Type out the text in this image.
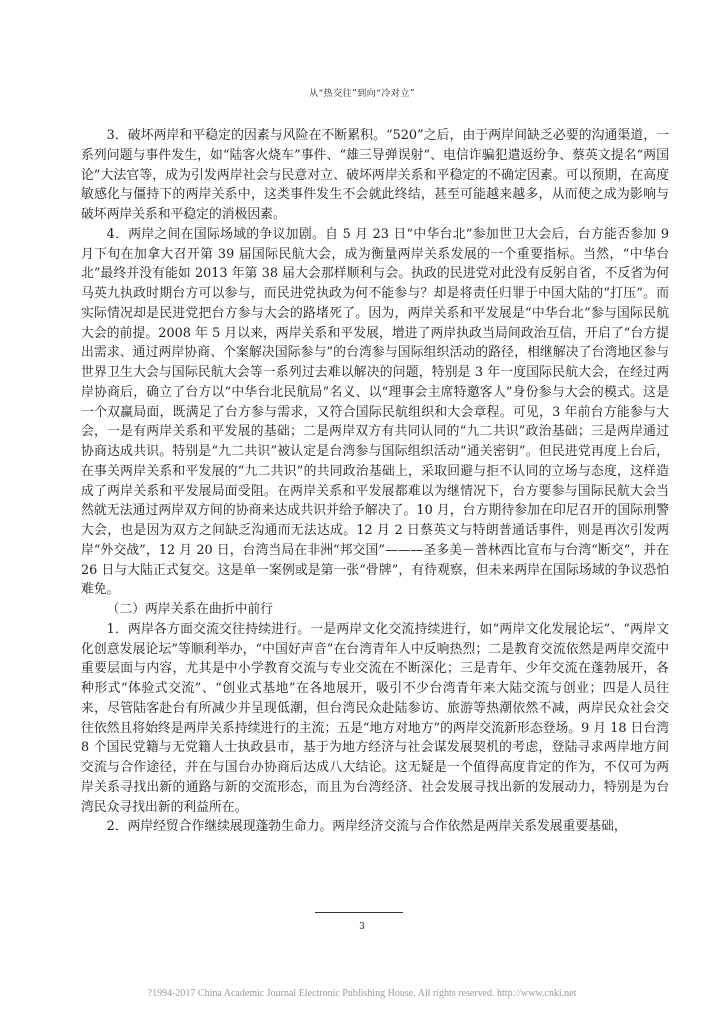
从“热交往”到向“冷对立”

3．破坏两岸和平稳定的因素与风险在不断累积。“520”之后，由于两岸间缺乏必要的沟通渠道，一系列问题与事件发生，如“陆客火烧车”事件、“雄三导弹误射”、电信诈骗犯遣返纷争、蔡英文提名“两国论”大法官等，成为引发两岸社会与民意对立、破坏两岸关系和平稳定的不确定因素。可以预期，在高度敏感化与僵持下的两岸关系中，这类事件发生不会就此终结，甚至可能越来越多，从而使之成为影响与破坏两岸关系和平稳定的消极因素。

4．两岸之间在国际场域的争议加剧。自 5 月 23 日“中华台北”参加世卫大会后，台方能否参加 9 月下旬在加拿大召开第 39 届国际民航大会，成为衡量两岸关系发展的一个重要指标。当然，“中华台北”最终并没有能如 2013 年第 38 届大会那样顺利与会。执政的民进党对此没有反躬自省，不反省为何马英九执政时期台方可以参与，而民进党执政为何不能参与？却是将责任归罪于中国大陆的“打压”。而实际情况却是民进党把台方参与大会的路堵死了。因为，两岸关系和平发展是“中华台北”参与国际民航大会的前提。2008 年 5 月以来，两岸关系和平发展，增进了两岸执政当局间政治互信，开启了“台方提出需求、通过两岸协商、个案解决国际参与”的台湾参与国际组织活动的路径，相继解决了台湾地区参与世界卫生大会与国际民航大会等一系列过去难以解决的问题，特别是 3 年一度国际民航大会，在经过两岸协商后，确立了台方以“中华台北民航局”名义、以“理事会主席特邀客人”身份参与大会的模式。这是一个双赢局面，既满足了台方参与需求，又符合国际民航组织和大会章程。可见，3 年前台方能参与大会，一是有两岸关系和平发展的基础；二是两岸双方有共同认同的“九二共识”政治基础；三是两岸通过协商达成共识。特别是“九二共识”被认定是台湾参与国际组织活动“通关密钥”。但民进党再度上台后，在事关两岸关系和平发展的“九二共识”的共同政治基础上，采取回避与拒不认同的立场与态度，这样造成了两岸关系和平发展局面受阻。在两岸关系和平发展都难以为继情况下，台方要参与国际民航大会当然就无法通过两岸双方间的协商来达成共识并给予解决了。10 月，台方期待参加在印尼召开的国际刑警大会，也是因为双方之间缺乏沟通而无法达成。12 月 2 日蔡英文与特朗普通话事件，则是再次引发两岸“外交战”，12 月 20 日，台湾当局在非洲“邦交国”———圣多美－普林西比宣布与台湾“断交”，并在 26 日与大陆正式复交。这是单一案例或是第一张“骨牌”，有待观察，但未来两岸在国际场域的争议恐怕难免。

（二）两岸关系在曲折中前行

1．两岸各方面交流交往持续进行。一是两岸文化交流持续进行，如“两岸文化发展论坛”、“两岸文化创意发展论坛”等顺利举办，“中国好声音”在台湾青年人中反响热烈；二是教育交流依然是两岸交流中重要层面与内容，尤其是中小学教育交流与专业交流在不断深化；三是青年、少年交流在蓬勃展开，各种形式“体验式交流”、“创业式基地”在各地展开，吸引不少台湾青年来大陆交流与创业；四是人员往来，尽管陆客赴台有所减少并呈现低潮，但台湾民众赴陆参访、旅游等热潮依然不减，两岸民众社会交往依然且将始终是两岸关系持续进行的主流；五是“地方对地方”的两岸交流新形态登场。9 月 18 日台湾 8 个国民党籍与无党籍人士执政县市，基于为地方经济与社会谋发展契机的考虑，登陆寻求两岸地方间交流与合作途径，并在与国台办协商后达成八大结论。这无疑是一个值得高度肯定的作为，不仅可为两岸关系寻找出新的通路与新的交流形态，而且为台湾经济、社会发展寻找出新的发展动力，特别是为台湾民众寻找出新的利益所在。

2．两岸经贸合作继续展现蓬勃生命力。两岸经济交流与合作依然是两岸关系发展重要基础，

3
?1994-2017 China Academic Journal Electronic Publishing House. All rights reserved. http://www.cnki.net
